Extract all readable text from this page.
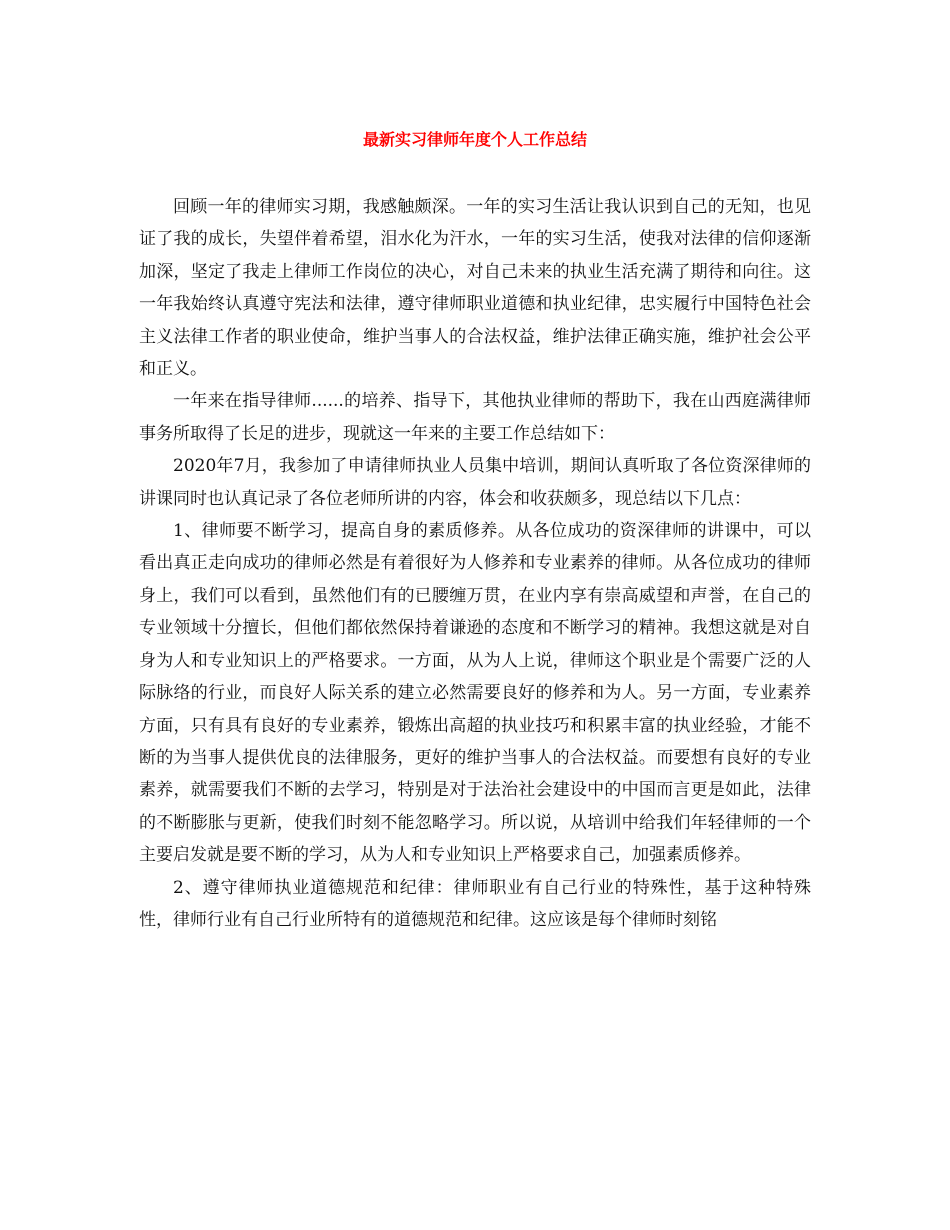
最新实习律师年度个人工作总结

回顾一年的律师实习期，我感触颇深。一年的实习生活让我认识到自己的无知，也见证了我的成长，失望伴着希望，泪水化为汗水，一年的实习生活，使我对法律的信仰逐渐加深，坚定了我走上律师工作岗位的决心，对自己未来的执业生活充满了期待和向往。这一年我始终认真遵守宪法和法律，遵守律师职业道德和执业纪律，忠实履行中国特色社会主义法律工作者的职业使命，维护当事人的合法权益，维护法律正确实施，维护社会公平和正义。

一年来在指导律师......的培养、指导下，其他执业律师的帮助下，我在山西庭满律师事务所取得了长足的进步，现就这一年来的主要工作总结如下：

2020年7月，我参加了申请律师执业人员集中培训，期间认真听取了各位资深律师的讲课同时也认真记录了各位老师所讲的内容，体会和收获颇多，现总结以下几点：

1、律师要不断学习，提高自身的素质修养。从各位成功的资深律师的讲课中，可以看出真正走向成功的律师必然是有着很好为人修养和专业素养的律师。从各位成功的律师身上，我们可以看到，虽然他们有的已腰缠万贯，在业内享有崇高威望和声誉，在自己的专业领域十分擅长，但他们都依然保持着谦逊的态度和不断学习的精神。我想这就是对自身为人和专业知识上的严格要求。一方面，从为人上说，律师这个职业是个需要广泛的人际脉络的行业，而良好人际关系的建立必然需要良好的修养和为人。另一方面，专业素养方面，只有具有良好的专业素养，锻炼出高超的执业技巧和积累丰富的执业经验，才能不断的为当事人提供优良的法律服务，更好的维护当事人的合法权益。而要想有良好的专业素养，就需要我们不断的去学习，特别是对于法治社会建设中的中国而言更是如此，法律的不断膨胀与更新，使我们时刻不能忽略学习。所以说，从培训中给我们年轻律师的一个主要启发就是要不断的学习，从为人和专业知识上严格要求自己，加强素质修养。

2、遵守律师执业道德规范和纪律：律师职业有自己行业的特殊性，基于这种特殊性，律师行业有自己行业所特有的道德规范和纪律。这应该是每个律师时刻铭
